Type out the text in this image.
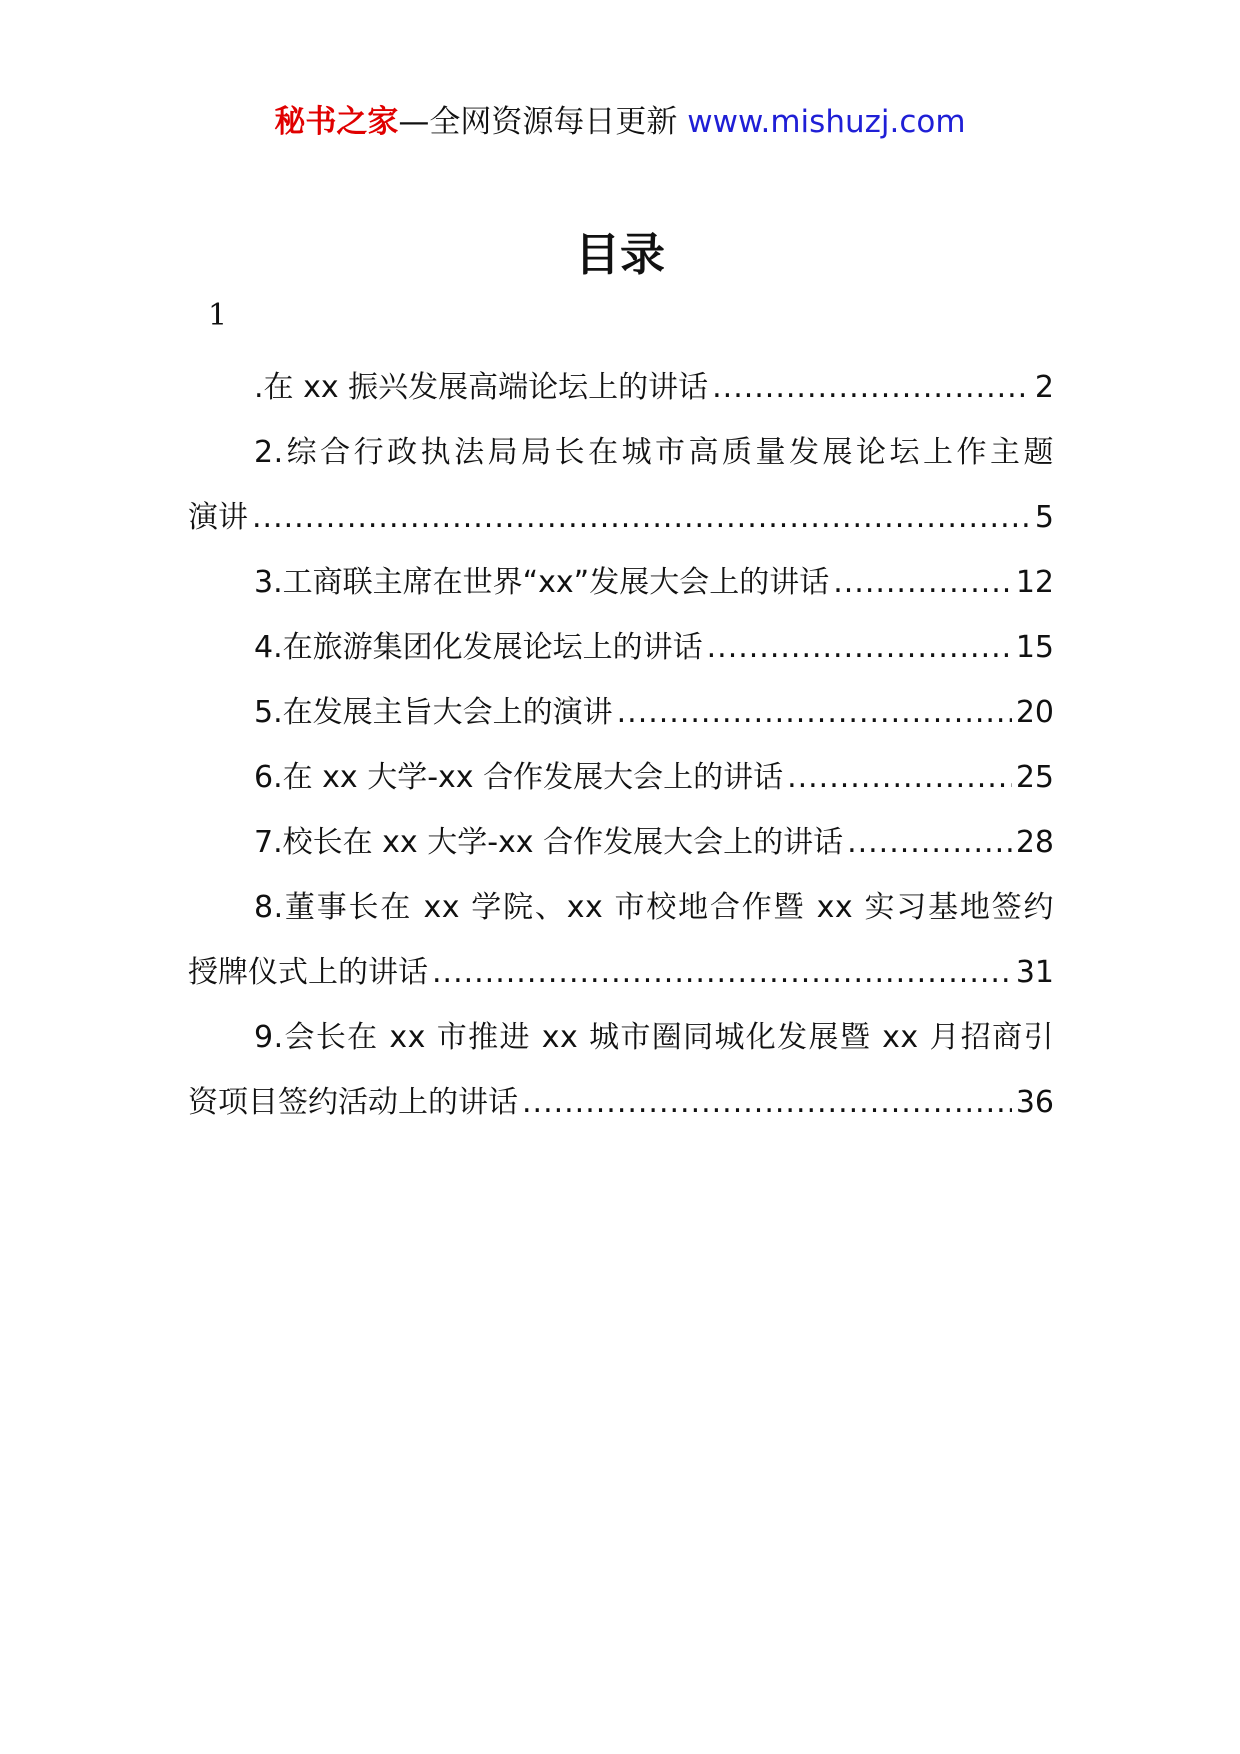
秘书之家—全网资源每日更新 www.mishuzj.com
目录
1
.在 xx 振兴发展高端论坛上的讲话 .....	2
2.综合行政执法局局长在城市高质量发展论坛上作主题
演讲 .....	5
3.工商联主席在世界“xx”发展大会上的讲话 .....	12
4.在旅游集团化发展论坛上的讲话 .....	15
5.在发展主旨大会上的演讲 .....	20
6.在 xx 大学-xx 合作发展大会上的讲话 .....	25
7.校长在 xx 大学-xx 合作发展大会上的讲话 .....	28
8.董事长在 xx 学院、xx 市校地合作暨 xx 实习基地签约
授牌仪式上的讲话 .....	31
9.会长在 xx 市推进 xx 城市圈同城化发展暨 xx 月招商引
资项目签约活动上的讲话 .....	36
